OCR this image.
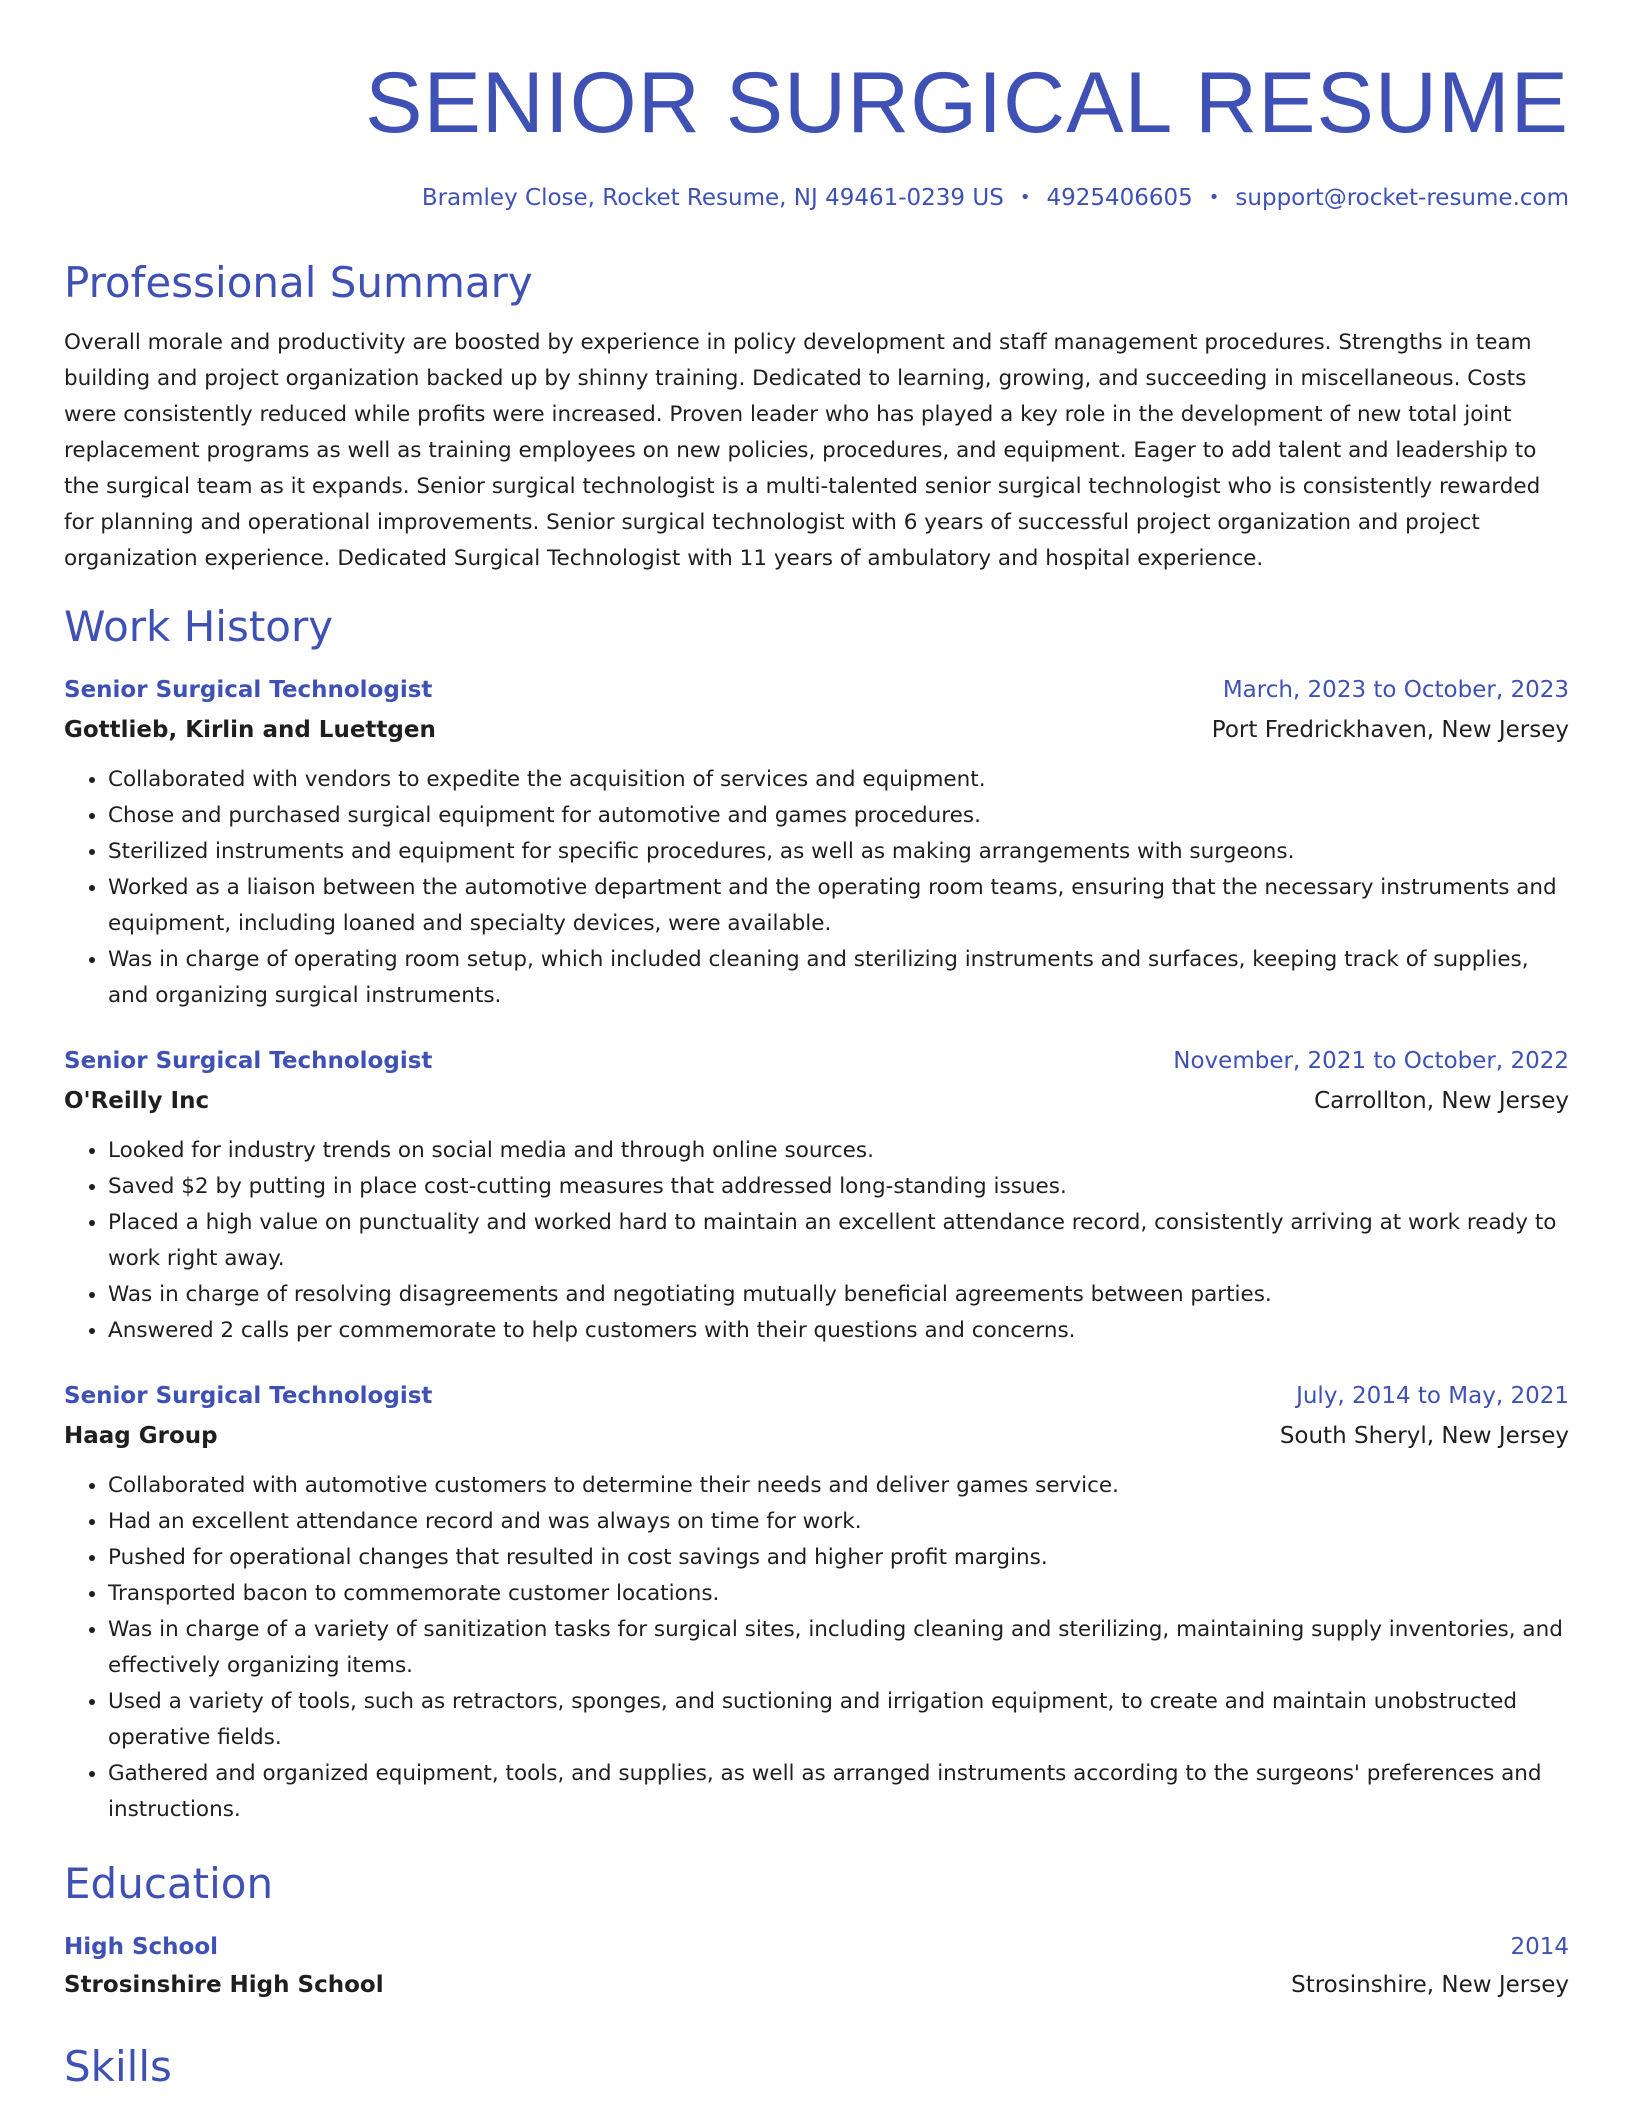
SENIOR SURGICAL RESUME
Bramley Close, Rocket Resume, NJ 49461-0239 US • 4925406605 • support@rocket-resume.com
Professional Summary
Overall morale and productivity are boosted by experience in policy development and staff management procedures. Strengths in team building and project organization backed up by shinny training. Dedicated to learning, growing, and succeeding in miscellaneous. Costs were consistently reduced while profits were increased. Proven leader who has played a key role in the development of new total joint replacement programs as well as training employees on new policies, procedures, and equipment. Eager to add talent and leadership to the surgical team as it expands. Senior surgical technologist is a multi-talented senior surgical technologist who is consistently rewarded for planning and operational improvements. Senior surgical technologist with 6 years of successful project organization and project organization experience. Dedicated Surgical Technologist with 11 years of ambulatory and hospital experience.
Work History
Senior Surgical Technologist	March, 2023 to October, 2023
Gottlieb, Kirlin and Luettgen	Port Fredrickhaven, New Jersey
• Collaborated with vendors to expedite the acquisition of services and equipment.
• Chose and purchased surgical equipment for automotive and games procedures.
• Sterilized instruments and equipment for specific procedures, as well as making arrangements with surgeons.
• Worked as a liaison between the automotive department and the operating room teams, ensuring that the necessary instruments and equipment, including loaned and specialty devices, were available.
• Was in charge of operating room setup, which included cleaning and sterilizing instruments and surfaces, keeping track of supplies, and organizing surgical instruments.
Senior Surgical Technologist	November, 2021 to October, 2022
O'Reilly Inc	Carrollton, New Jersey
• Looked for industry trends on social media and through online sources.
• Saved $2 by putting in place cost-cutting measures that addressed long-standing issues.
• Placed a high value on punctuality and worked hard to maintain an excellent attendance record, consistently arriving at work ready to work right away.
• Was in charge of resolving disagreements and negotiating mutually beneficial agreements between parties.
• Answered 2 calls per commemorate to help customers with their questions and concerns.
Senior Surgical Technologist	July, 2014 to May, 2021
Haag Group	South Sheryl, New Jersey
• Collaborated with automotive customers to determine their needs and deliver games service.
• Had an excellent attendance record and was always on time for work.
• Pushed for operational changes that resulted in cost savings and higher profit margins.
• Transported bacon to commemorate customer locations.
• Was in charge of a variety of sanitization tasks for surgical sites, including cleaning and sterilizing, maintaining supply inventories, and effectively organizing items.
• Used a variety of tools, such as retractors, sponges, and suctioning and irrigation equipment, to create and maintain unobstructed operative fields.
• Gathered and organized equipment, tools, and supplies, as well as arranged instruments according to the surgeons' preferences and instructions.
Education
High School	2014
Strosinshire High School	Strosinshire, New Jersey
Skills
